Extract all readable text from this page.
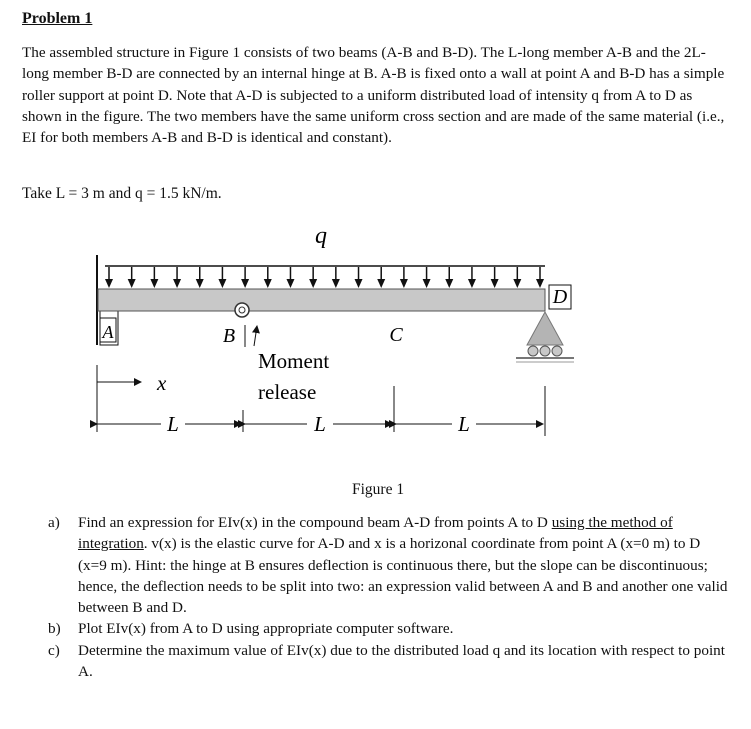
Problem 1

The assembled structure in Figure 1 consists of two beams (A-B and B-D). The L-long member A-B and the 2L-long member B-D are connected by an internal hinge at B. A-B is fixed onto a wall at point A and B-D has a simple roller support at point D. Note that A-D is subjected to a uniform distributed load of intensity q from A to D as shown in the figure. The two members have the same uniform cross section and are made of the same material (i.e., EI for both members A-B and B-D is identical and constant).

Take L = 3 m and q = 1.5 kN/m.
q
A	B	C
D
Moment
release
x
L	L	L
Figure 1
a) Find an expression for EIv(x) in the compound beam A-D from points A to D using the method of integration. v(x) is the elastic curve for A-D and x is a horizonal coordinate from point A (x=0 m) to D (x=9 m). Hint: the hinge at B ensures deflection is continuous there, but the slope can be discontinuous; hence, the deflection needs to be split into two: an expression valid between A and B and another one valid between B and D.
b) Plot EIv(x) from A to D using appropriate computer software.
c) Determine the maximum value of EIv(x) due to the distributed load q and its location with respect to point A.
